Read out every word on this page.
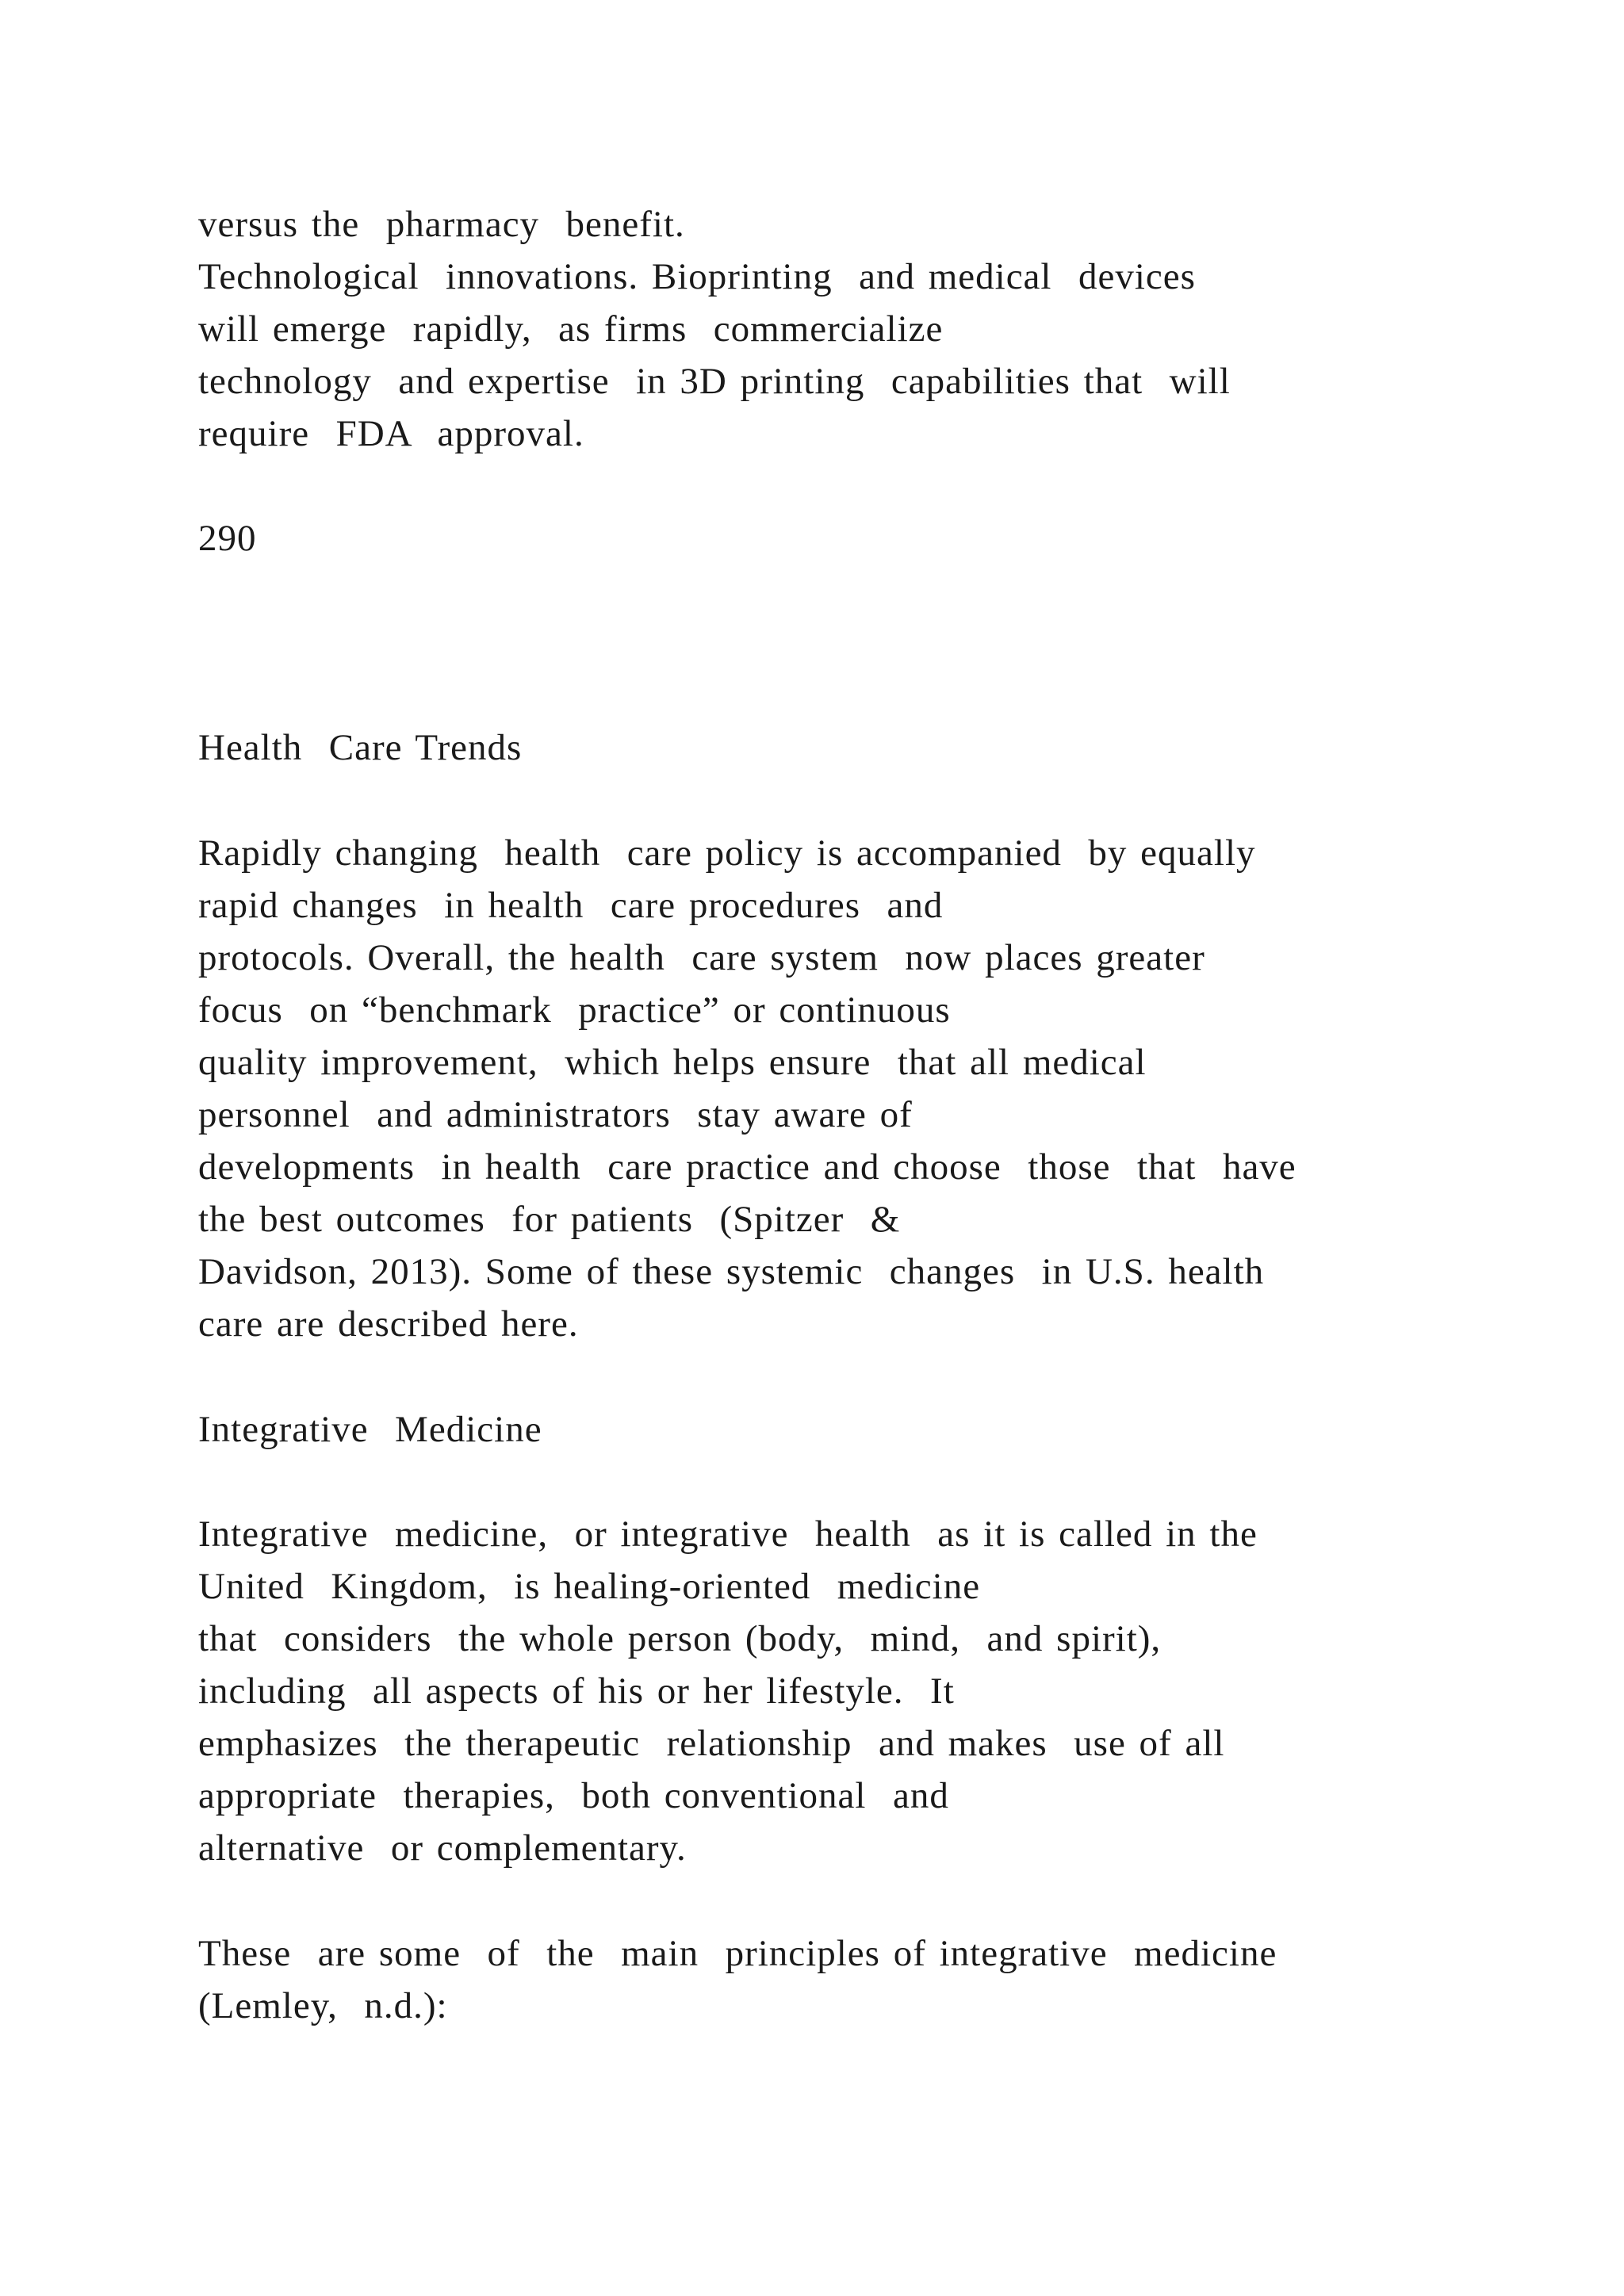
versus the  pharmacy  benefit.

Technological  innovations. Bioprinting  and medical  devices

will emerge  rapidly,  as firms  commercialize

technology  and expertise  in 3D printing  capabilities that  will

require  FDA  approval.

290

Health  Care Trends

Rapidly changing  health  care policy is accompanied  by equally

rapid changes  in health  care procedures  and

protocols. Overall, the health  care system  now places greater

focus  on “benchmark  practice” or continuous

quality improvement,  which helps ensure  that all medical

personnel  and administrators  stay aware of

developments  in health  care practice and choose  those  that  have

the best outcomes  for patients  (Spitzer  &

Davidson, 2013). Some of these systemic  changes  in U.S. health

care are described here.

Integrative  Medicine

Integrative  medicine,  or integrative  health  as it is called in the

United  Kingdom,  is healing-oriented  medicine

that  considers  the whole person (body,  mind,  and spirit),

including  all aspects of his or her lifestyle.  It

emphasizes  the therapeutic  relationship  and makes  use of all

appropriate  therapies,  both conventional  and

alternative  or complementary.

These  are some  of  the  main  principles of integrative  medicine

(Lemley,  n.d.):
